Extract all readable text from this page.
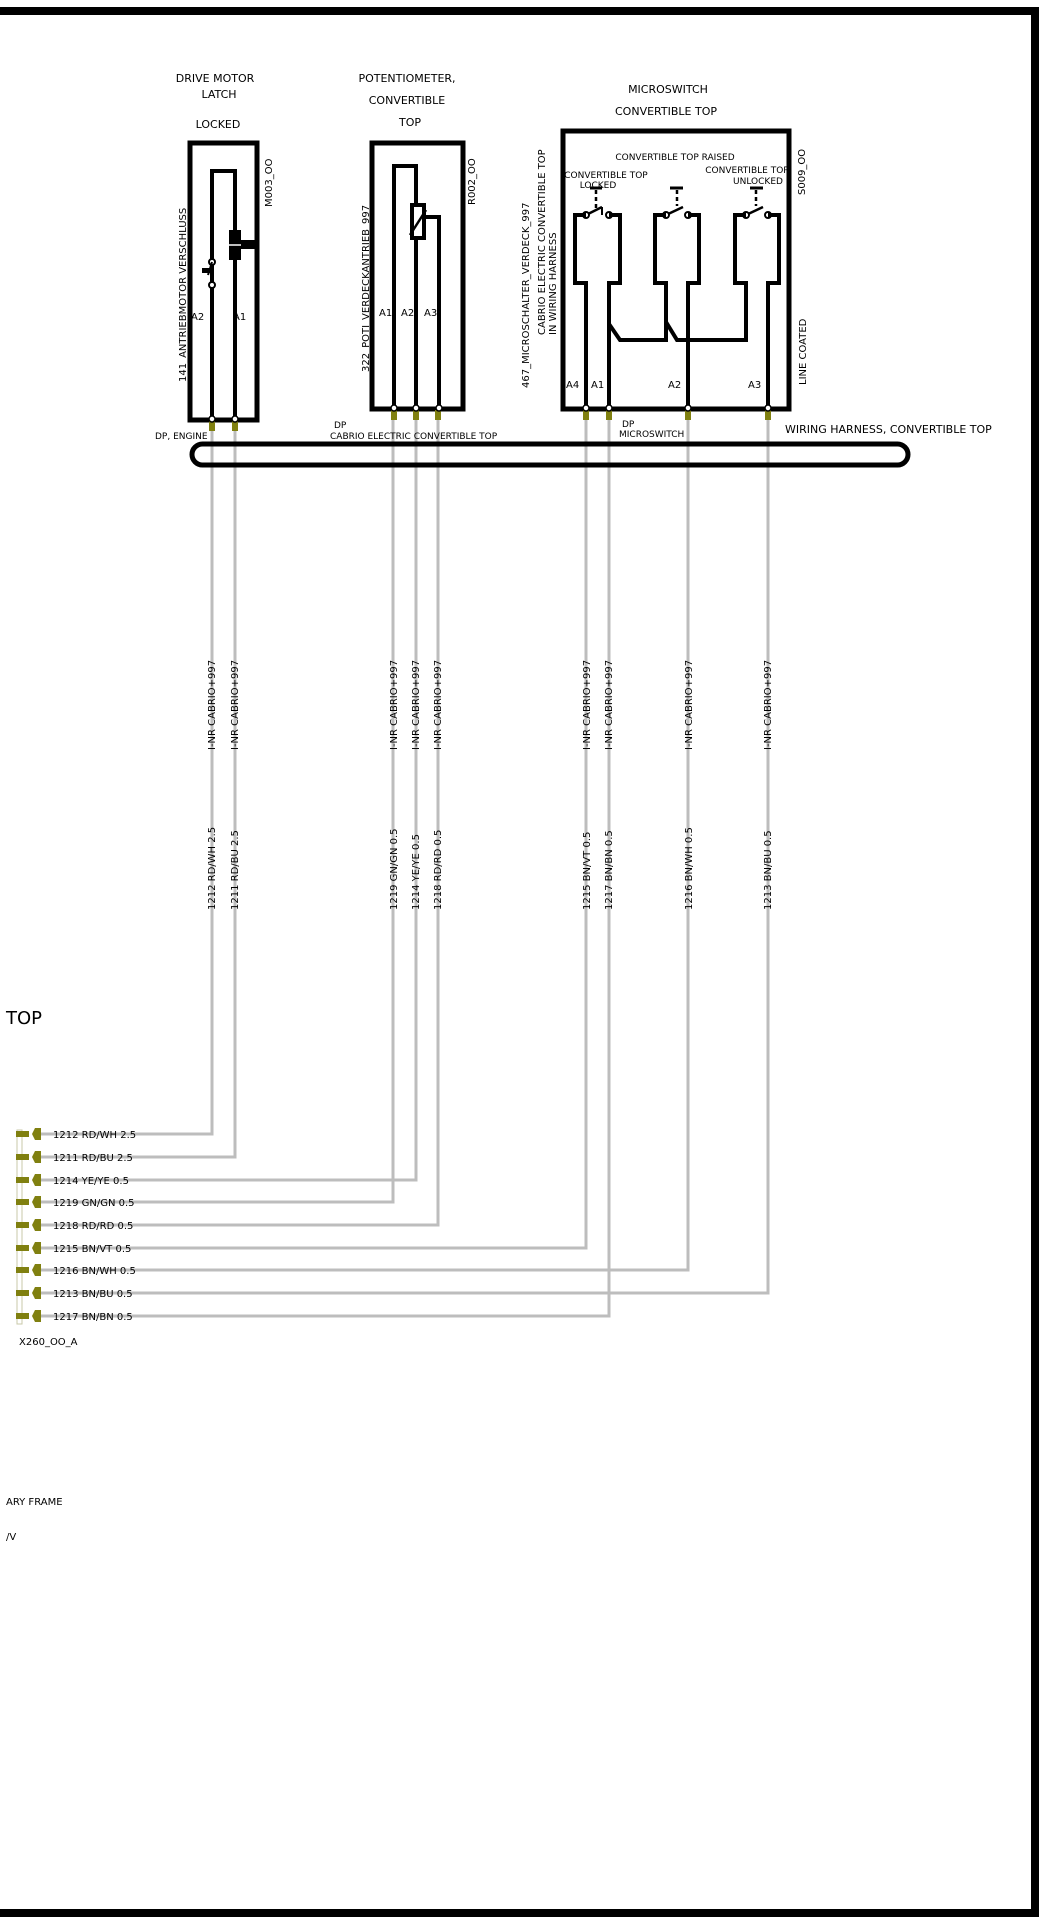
DRIVE MOTOR
LATCH
LOCKED
141_ANTRIEBMOTOR VERSCHLUSS
M003_OO
A2	A1
DP, ENGINE
POTENTIOMETER,
CONVERTIBLE
TOP
322_POTI_VERDECKANTRIEB_997
R002_OO
A1 A2 A3
DP
CABRIO ELECTRIC CONVERTIBLE TOP
MICROSWITCH
CONVERTIBLE TOP
CONVERTIBLE TOP RAISED
CONVERTIBLE TOP
LOCKED
CONVERTIBLE TOP
UNLOCKED
467_MICROSCHALTER_VERDECK_997 CABRIO ELECTRIC CONVERTIBLE TOP IN WIRING HARNESS
S009_OO
LINE COATED
A4 A1	A2	A3
DP
MICROSWITCH	WIRING HARNESS, CONVERTIBLE TOP
I-NR CABRIO+997 I-NR CABRIO+997	I-NR CABRIO+997 I-NR CABRIO+997 I-NR CABRIO+997	I-NR CABRIO+997 I-NR CABRIO+997	I-NR CABRIO+997	I-NR CABRIO+997
1212 RD/WH 2.5 1211 RD/BU 2.5	1219 GN/GN 0.5 1214 YE/YE 0.5 1218 RD/RD 0.5	1215 BN/VT 0.5 1217 BN/BN 0.5	1216 BN/WH 0.5	1213 BN/BU 0.5
TOP
1212 RD/WH 2.5
1211 RD/BU 2.5
1214 YE/YE 0.5
1219 GN/GN 0.5
1218 RD/RD 0.5
1215 BN/VT 0.5
1216 BN/WH 0.5
1213 BN/BU 0.5
1217 BN/BN 0.5
X260_OO_A
ARY FRAME
/V
